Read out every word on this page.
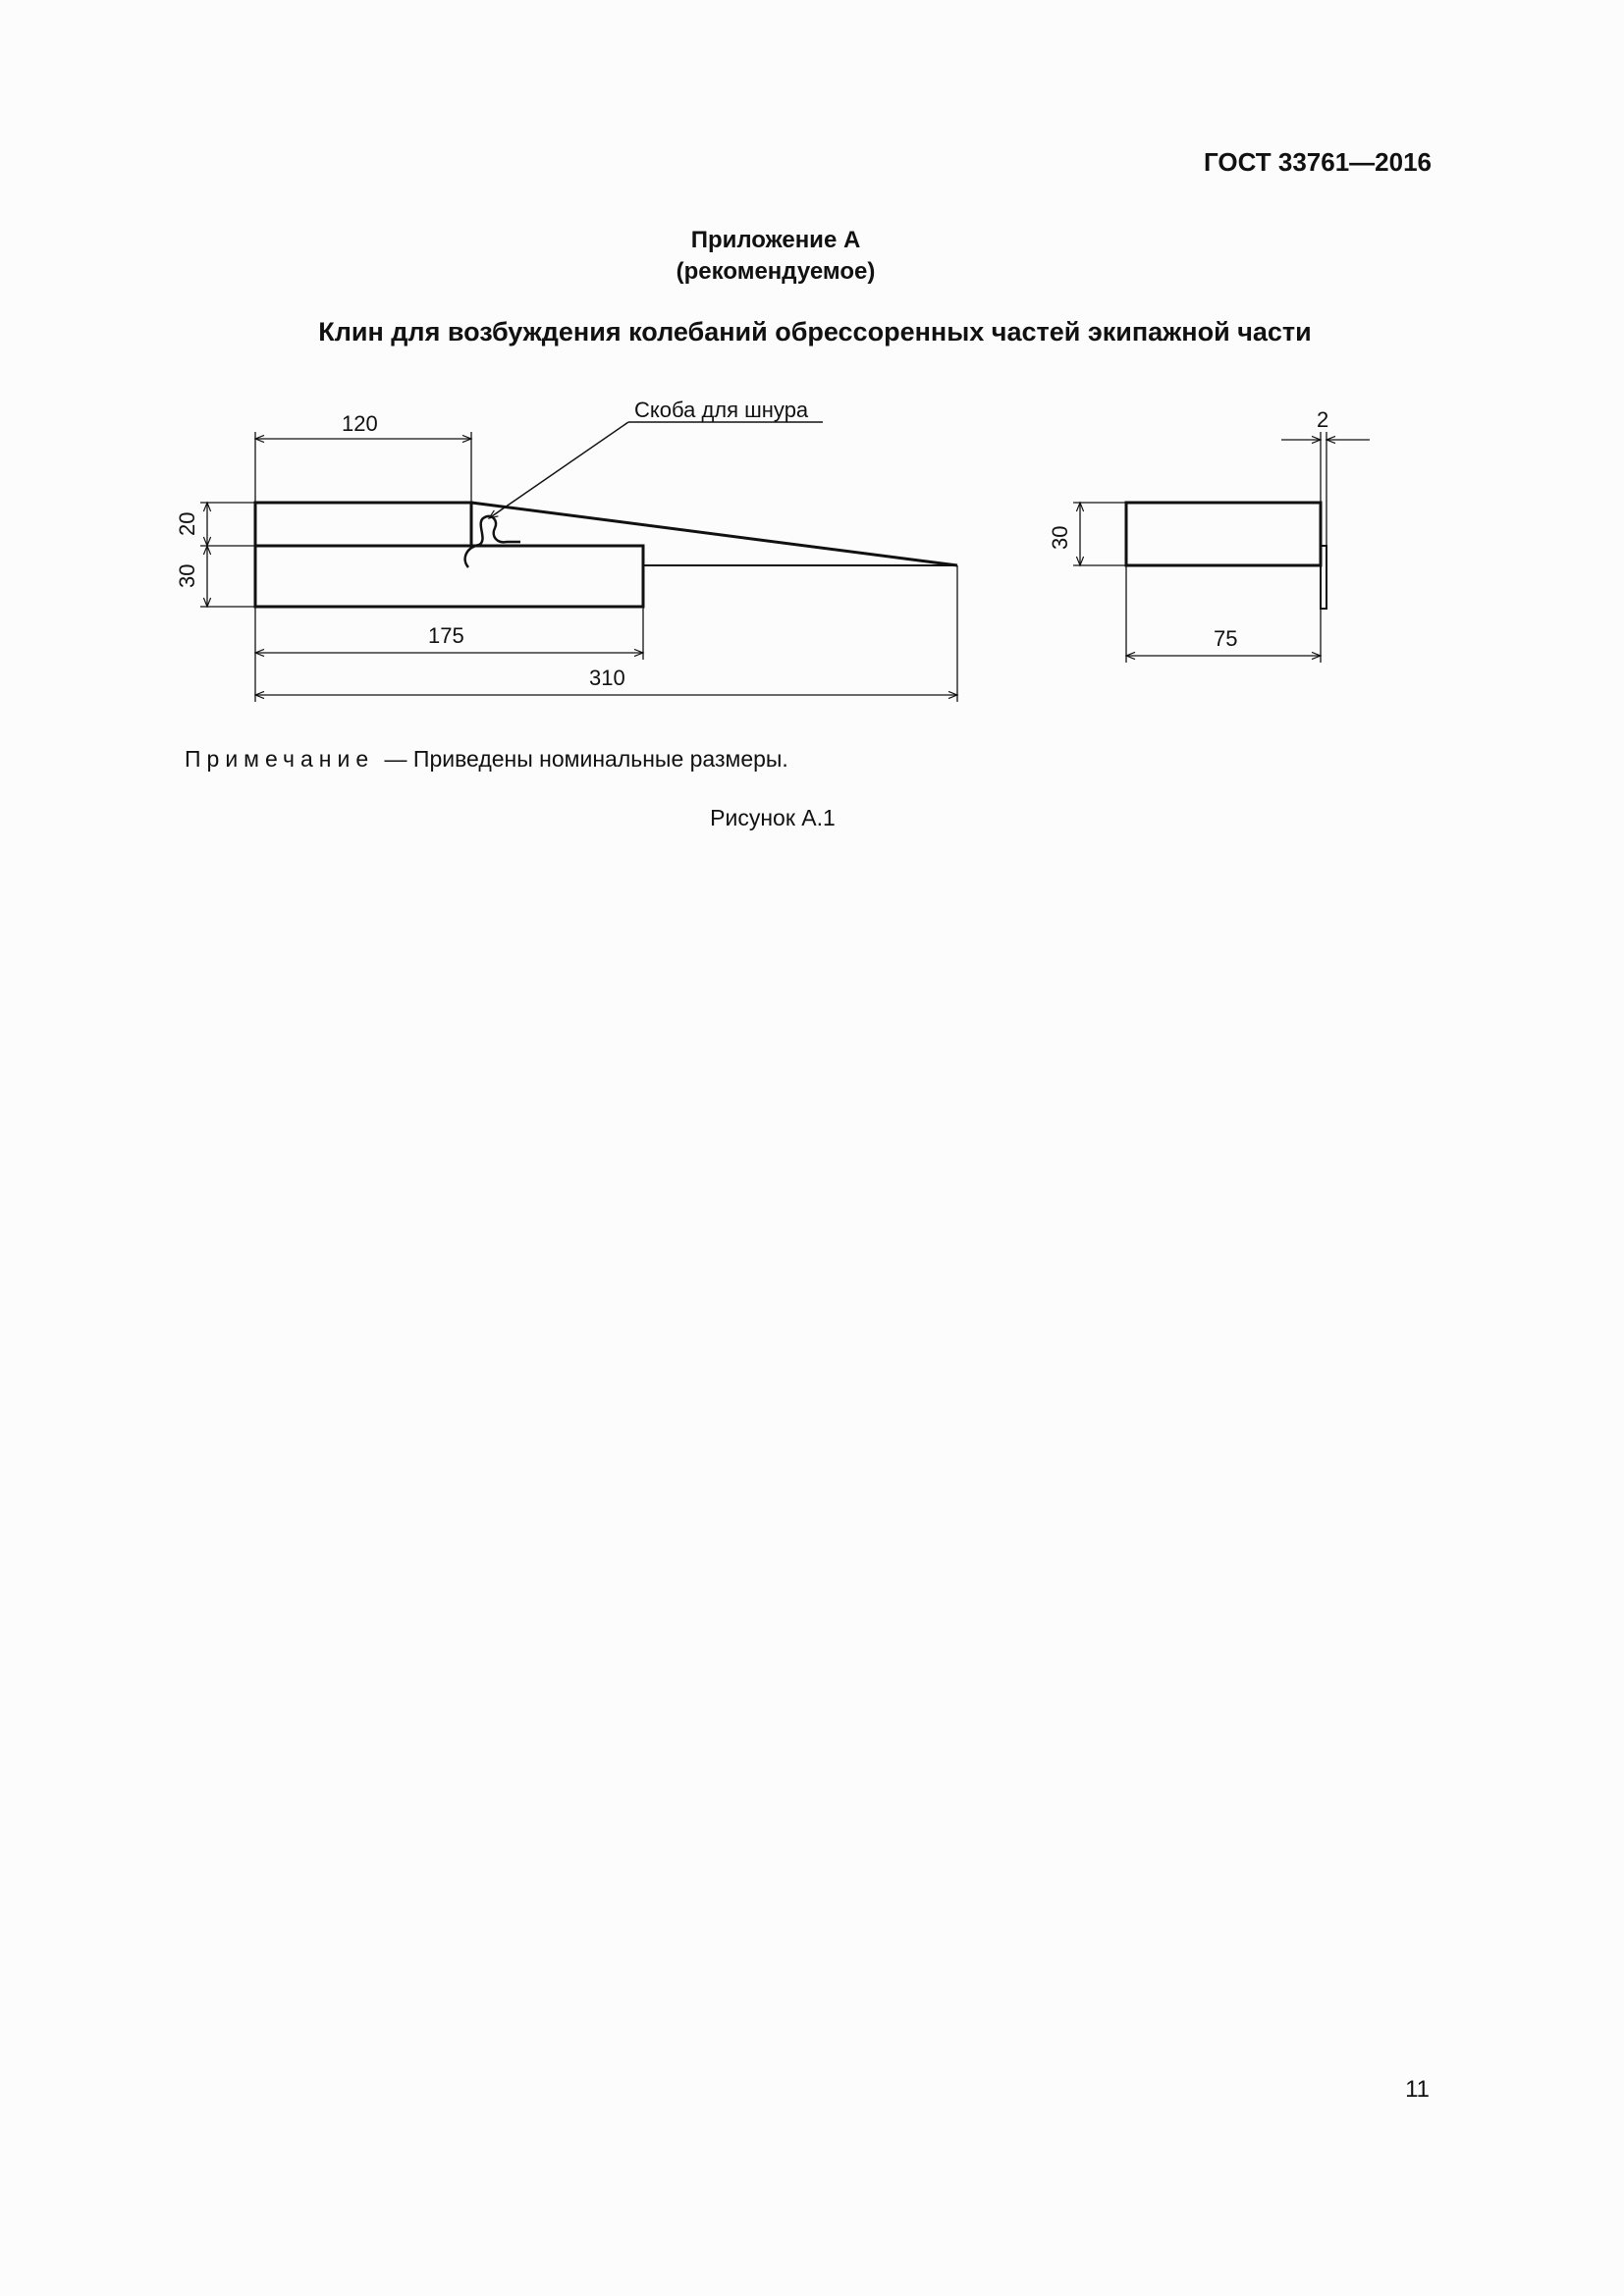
ГОСТ 33761—2016
Приложение А
(рекомендуемое)
Клин для возбуждения колебаний обрессоренных частей экипажной части
Скоба для шнура
120
20
30
175
310
30
75
2
Примечание — Приведены номинальные размеры.
Рисунок А.1
11
